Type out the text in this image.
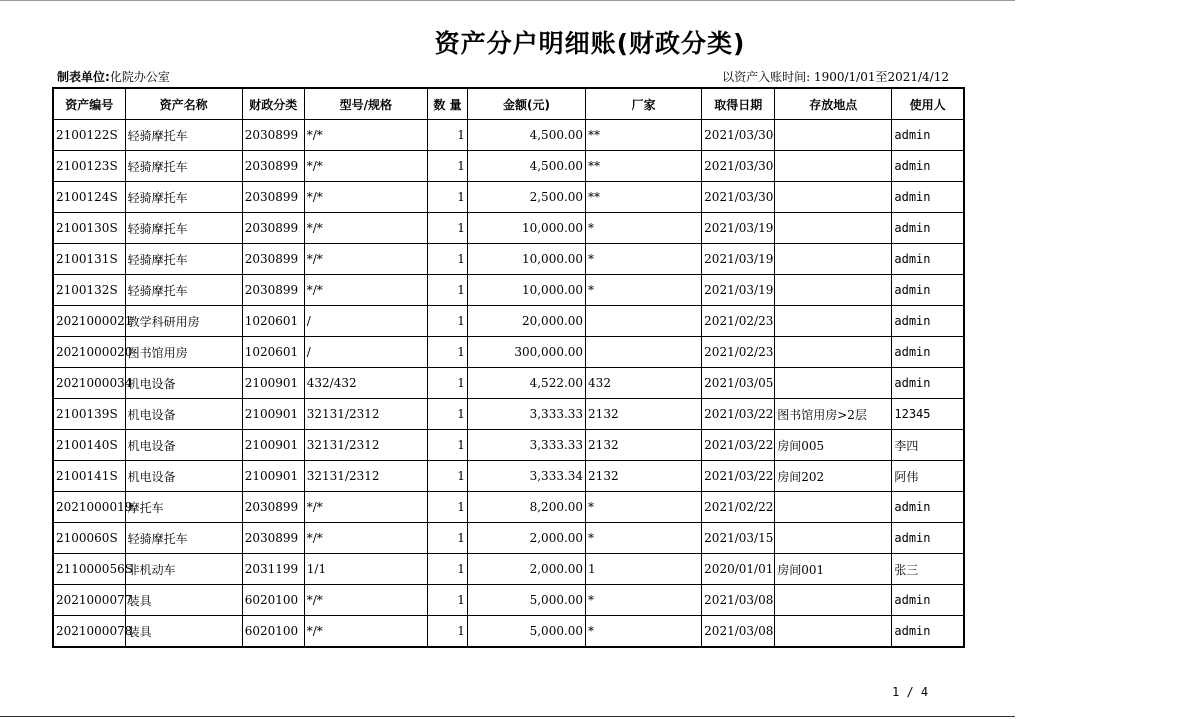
资产分户明细账(财政分类)
制表单位:化院办公室	以资产入账时间: 1900/1/01至2021/4/12
资产编号	资产名称	财政分类	型号/规格	数 量	金额(元)	厂家	取得日期	存放地点	使用人
2100122S	轻骑摩托车	2030899	*/*	1	4,500.00	**	2021/03/30		admin
2100123S	轻骑摩托车	2030899	*/*	1	4,500.00	**	2021/03/30		admin
2100124S	轻骑摩托车	2030899	*/*	1	2,500.00	**	2021/03/30		admin
2100130S	轻骑摩托车	2030899	*/*	1	10,000.00	*	2021/03/19		admin
2100131S	轻骑摩托车	2030899	*/*	1	10,000.00	*	2021/03/19		admin
2100132S	轻骑摩托车	2030899	*/*	1	10,000.00	*	2021/03/19		admin
2021000021	教学科研用房	1020601	/	1	20,000.00		2021/02/23		admin
2021000020	图书馆用房	1020601	/	1	300,000.00		2021/02/23		admin
2021000034	机电设备	2100901	432/432	1	4,522.00	432	2021/03/05		admin
2100139S	机电设备	2100901	32131/2312	1	3,333.33	2132	2021/03/22	图书馆用房>2层	12345
2100140S	机电设备	2100901	32131/2312	1	3,333.33	2132	2021/03/22	房间005	李四
2100141S	机电设备	2100901	32131/2312	1	3,333.34	2132	2021/03/22	房间202	阿伟
2021000019	摩托车	2030899	*/*	1	8,200.00	*	2021/02/22		admin
2100060S	轻骑摩托车	2030899	*/*	1	2,000.00	*	2021/03/15		admin
211000056S	非机动车	2031199	1/1	1	2,000.00	1	2020/01/01	房间001	张三
2021000077	装具	6020100	*/*	1	5,000.00	*	2021/03/08		admin
2021000078	装具	6020100	*/*	1	5,000.00	*	2021/03/08		admin
1 / 4
